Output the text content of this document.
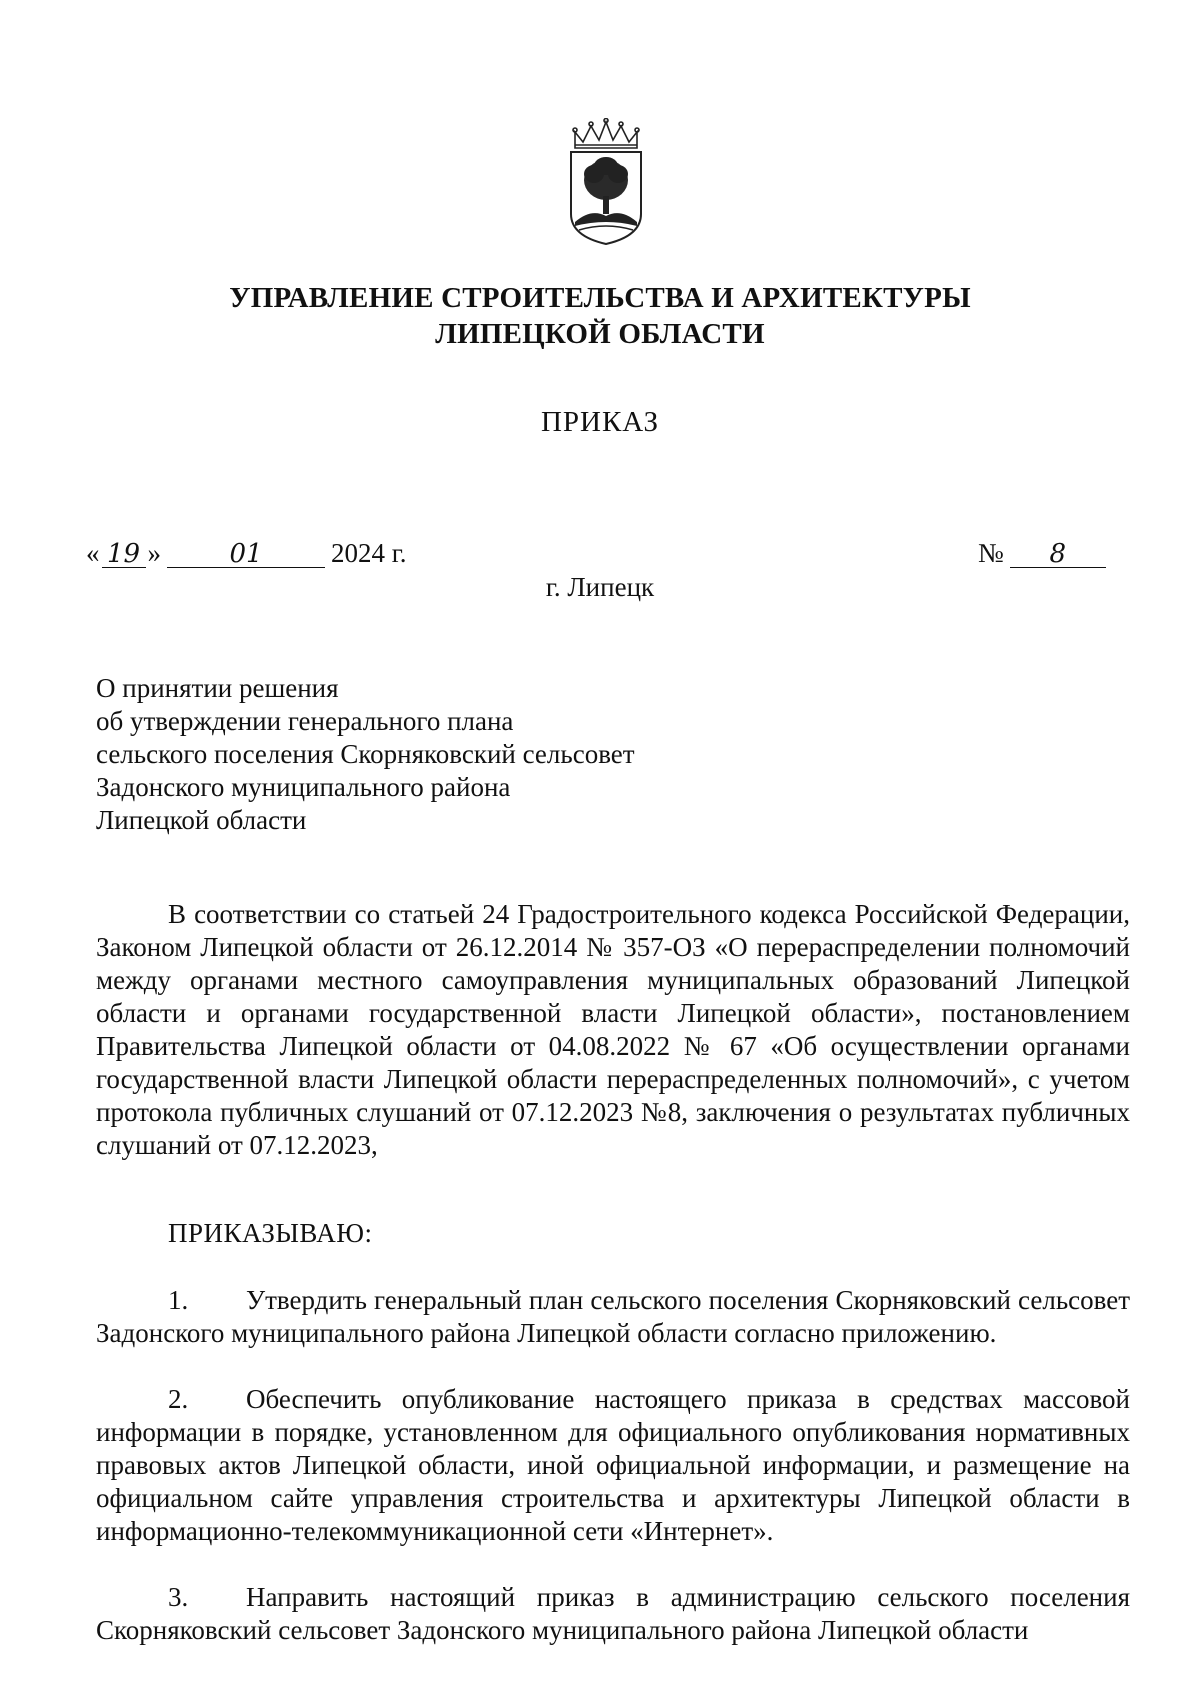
УПРАВЛЕНИЕ СТРОИТЕЛЬСТВА И АРХИТЕКТУРЫ
ЛИПЕЦКОЙ ОБЛАСТИ
ПРИКАЗ
« 19 »	01	2024 г.	№ 8
г. Липецк
О принятии решения
об утверждении генерального плана
сельского поселения Скорняковский сельсовет
Задонского муниципального района
Липецкой области
В соответствии со статьей 24 Градостроительного кодекса Российской Федерации, Законом Липецкой области от 26.12.2014 № 357-ОЗ «О перераспределении полномочий между органами местного самоуправления муниципальных образований Липецкой области и органами государственной власти Липецкой области», постановлением Правительства Липецкой области от 04.08.2022 № 67 «Об осуществлении органами государственной власти Липецкой области перераспределенных полномочий», с учетом протокола публичных слушаний от 07.12.2023 №8, заключения о результатах публичных слушаний от 07.12.2023,
ПРИКАЗЫВАЮ:
1. Утвердить генеральный план сельского поселения Скорняковский сельсовет Задонского муниципального района Липецкой области согласно приложению.
2. Обеспечить опубликование настоящего приказа в средствах массовой информации в порядке, установленном для официального опубликования нормативных правовых актов Липецкой области, иной официальной информации, и размещение на официальном сайте управления строительства и архитектуры Липецкой области в информационно-телекоммуникационной сети «Интернет».
3. Направить настоящий приказ в администрацию сельского поселения Скорняковский сельсовет Задонского муниципального района Липецкой области
